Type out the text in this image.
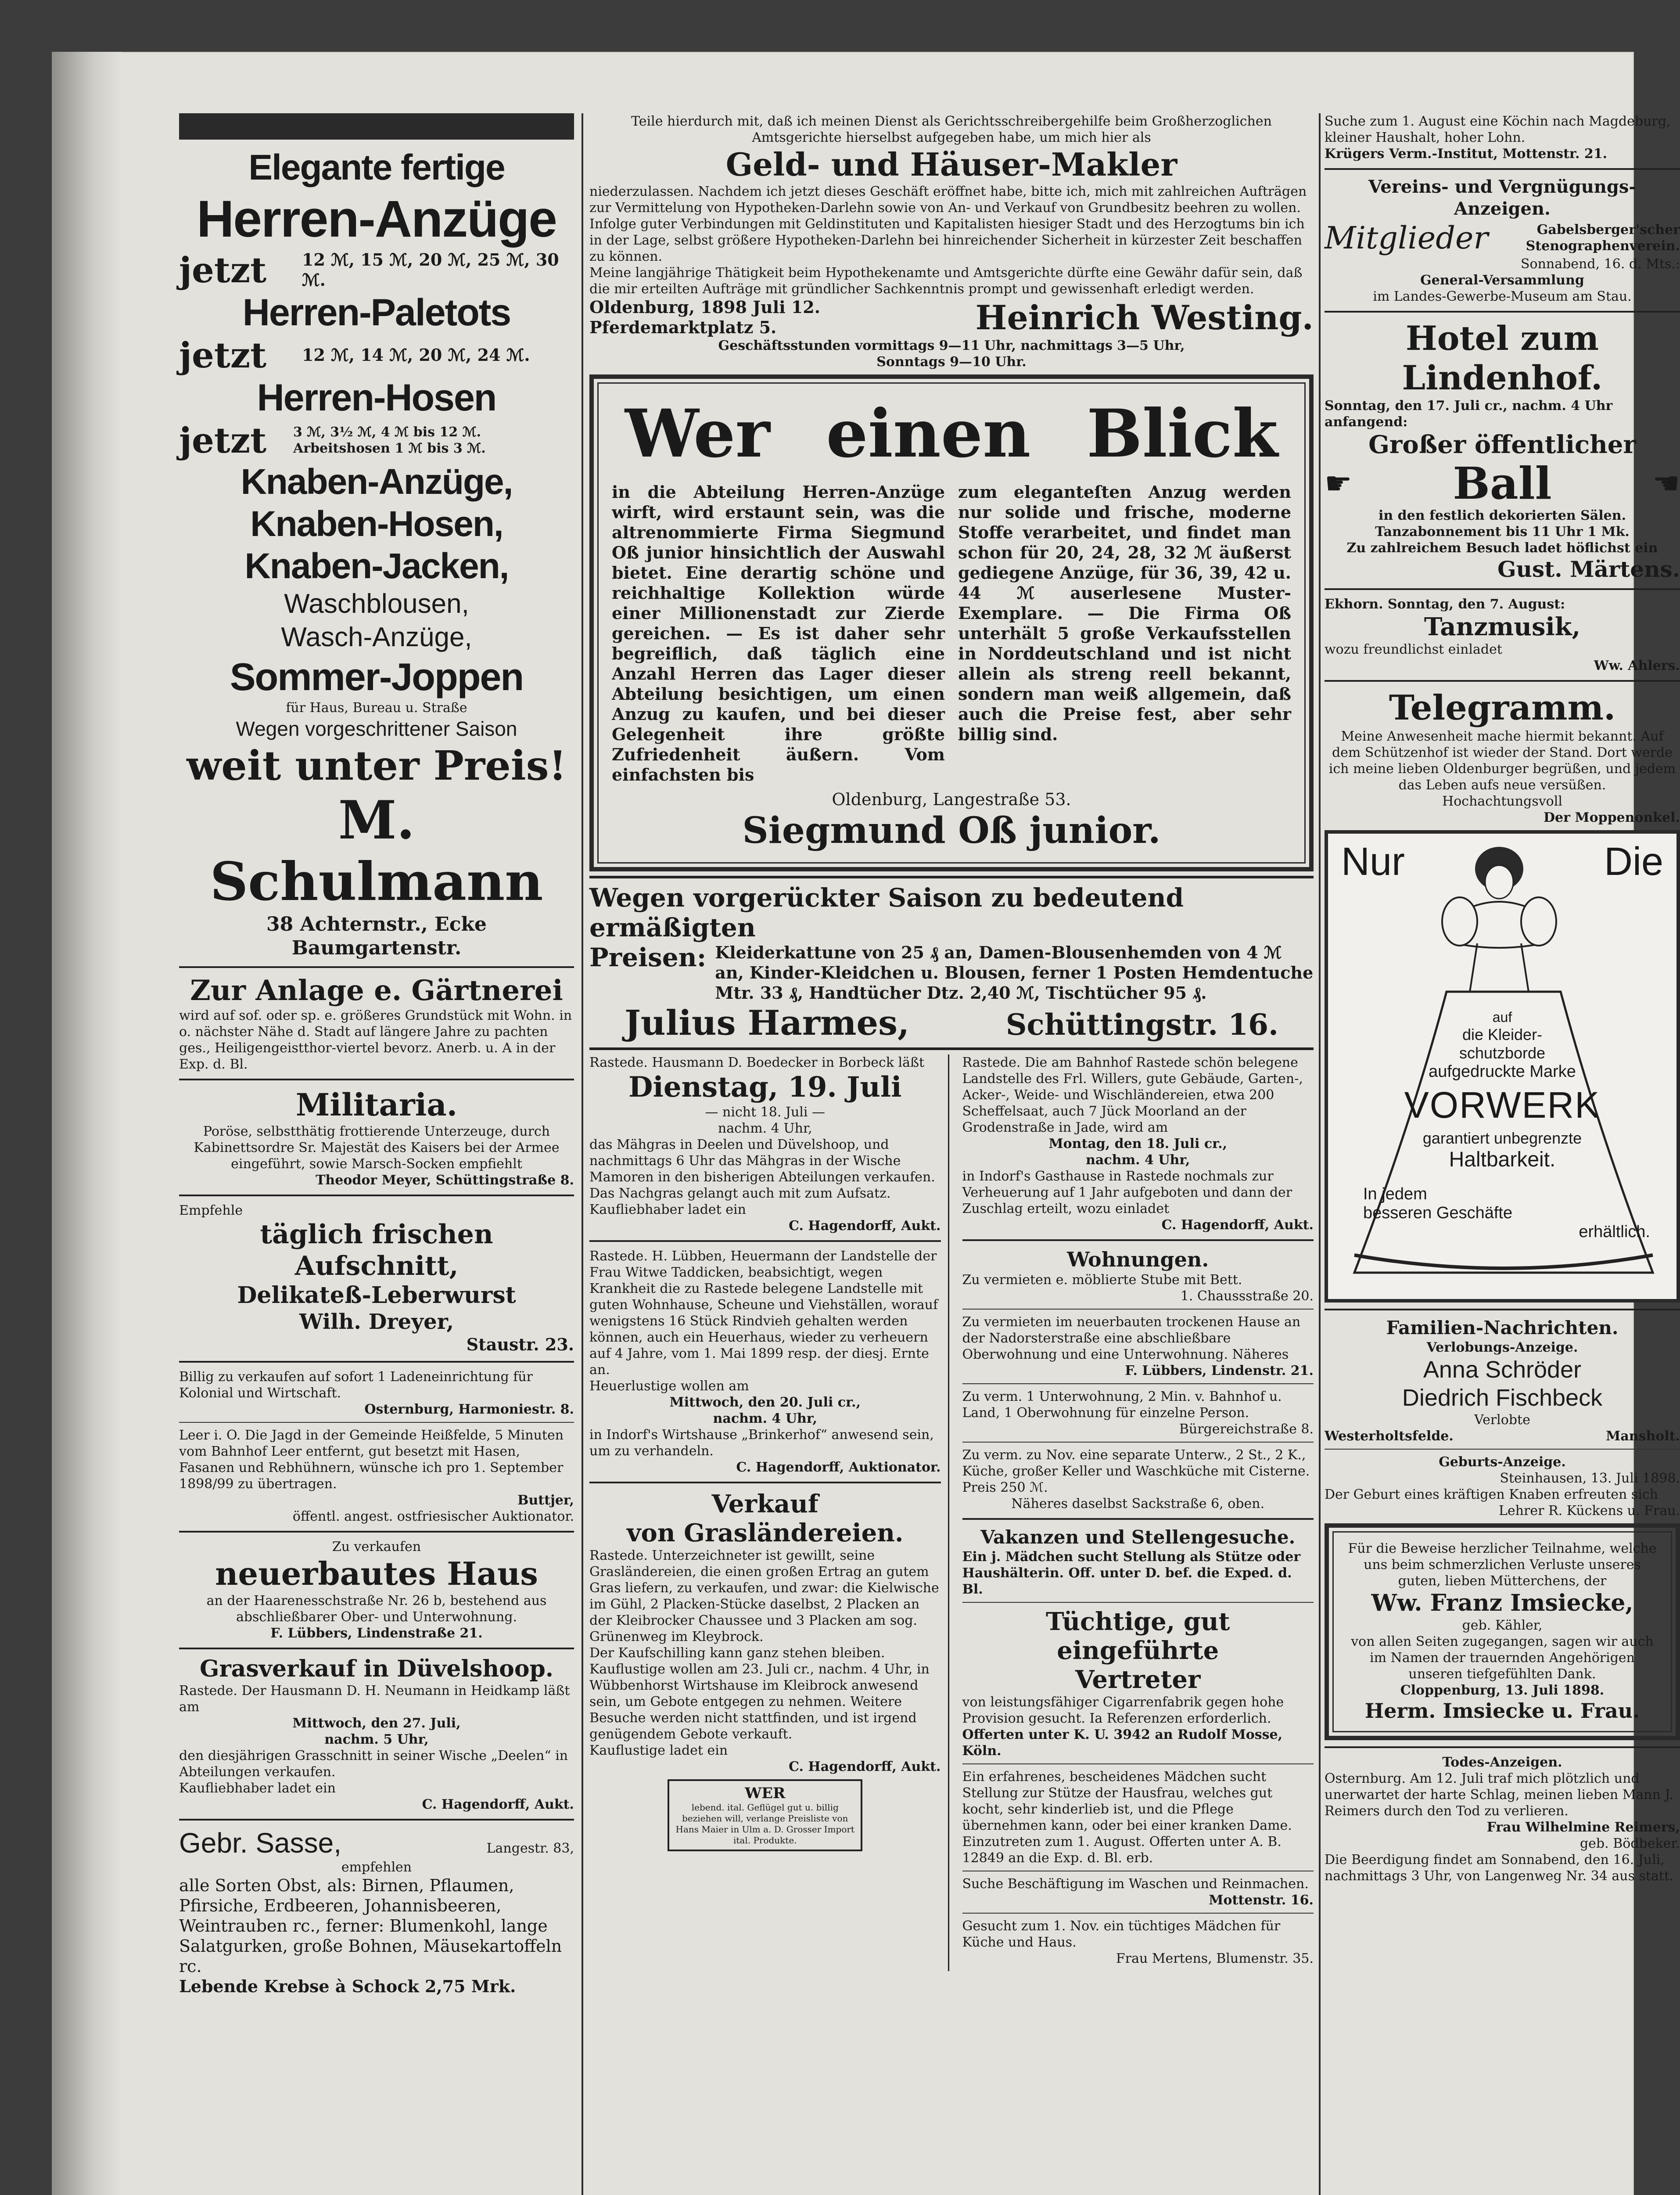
Elegante fertige
Herren-Anzüge
jetzt 12 ℳ, 15 ℳ, 20 ℳ, 25 ℳ, 30 ℳ.
Herren-Paletots
jetzt 12 ℳ, 14 ℳ, 20 ℳ, 24 ℳ.
Herren-Hosen
jetzt 3 ℳ, 3½ ℳ, 4 ℳ bis 12 ℳ. Arbeitshosen 1 ℳ bis 3 ℳ.
Knaben-Anzüge,
Knaben-Hosen,
Knaben-Jacken,
Waschblousen,
Wasch-Anzüge,
Sommer-Joppen
für Haus, Bureau u. Straße
Wegen vorgeschrittener Saison
weit unter Preis!
M. Schulmann
38 Achternstr., Ecke Baumgartenstr.
Zur Anlage e. Gärtnerei
wird auf sof. oder sp. e. größeres Grundstück mit Wohn. in o. nächster Nähe d. Stadt auf längere Jahre zu pachten ges., Heiligengeistthor-viertel bevorz. Anerb. u. A in der Exp. d. Bl.
Militaria.
Poröse, selbstthätig frottierende Unterzeuge, durch Kabinettsordre Sr. Majestät des Kaisers bei der Armee eingeführt, sowie Marsch-Socken empfiehlt
Theodor Meyer, Schüttingstraße 8.
Empfehle
täglich frischen Aufschnitt,
Delikateß-Leberwurst
Wilh. Dreyer,
Staustr. 23.
Billig zu verkaufen auf sofort 1 Ladeneinrichtung für Kolonial und Wirtschaft.
Osternburg, Harmoniestr. 8.
Leer i. O. Die Jagd in der Gemeinde Heißfelde, 5 Minuten vom Bahnhof Leer entfernt, gut besetzt mit Hasen, Fasanen und Rebhühnern, wünsche ich pro 1. September 1898/99 zu übertragen.
Buttjer,
öffentl. angest. ostfriesischer Auktionator.
Zu verkaufen
neuerbautes Haus
an der Haarenesschstraße Nr. 26 b, bestehend aus abschließbarer Ober- und Unterwohnung.
F. Lübbers, Lindenstraße 21.
Grasverkauf in Düvelshoop.
Rastede. Der Hausmann D. H. Neumann in Heidkamp läßt am
Mittwoch, den 27. Juli,
nachm. 5 Uhr,
den diesjährigen Grasschnitt in seiner Wische „Deelen“ in Abteilungen verkaufen.
Kaufliebhaber ladet ein
C. Hagendorff, Aukt.
Gebr. Sasse,	Langestr. 83,
empfehlen
alle Sorten Obst, als: Birnen, Pflaumen, Pfirsiche, Erdbeeren, Johannisbeeren, Weintrauben rc., ferner: Blumenkohl, lange Salatgurken, große Bohnen, Mäusekartoffeln rc.
Lebende Krebse à Schock 2,75 Mrk.
Teile hierdurch mit, daß ich meinen Dienst als Gerichtsschreibergehilfe beim Großherzoglichen Amtsgerichte hierselbst aufgegeben habe, um mich hier als
Geld- und Häuser-Makler
niederzulassen. Nachdem ich jetzt dieses Geschäft eröffnet habe, bitte ich, mich mit zahlreichen Aufträgen zur Vermittelung von Hypotheken-Darlehn sowie von An- und Verkauf von Grundbesitz beehren zu wollen.
Infolge guter Verbindungen mit Geldinstituten und Kapitalisten hiesiger Stadt und des Herzogtums bin ich in der Lage, selbst größere Hypotheken-Darlehn bei hinreichender Sicherheit in kürzester Zeit beschaffen zu können.
Meine langjährige Thätigkeit beim Hypothekenamte und Amtsgerichte dürfte eine Gewähr dafür sein, daß die mir erteilten Aufträge mit gründlicher Sachkenntnis prompt und gewissenhaft erledigt werden.
Oldenburg, 1898 Juli 12.
Pferdemarktplatz 5.	Heinrich Westing.
Geschäftsstunden vormittags 9—11 Uhr, nachmittags 3—5 Uhr,
Sonntags 9—10 Uhr.
Wer einen Blick
in die Abteilung Herren-Anzüge wirft, wird erstaunt sein, was die altrenommierte Firma Siegmund Oß junior hinsichtlich der Auswahl bietet. Eine derartig schöne und reichhaltige Kollektion würde einer Millionenstadt zur Zierde gereichen. — Es ist daher sehr begreiflich, daß täglich eine Anzahl Herren das Lager dieser Abteilung besichtigen, um einen Anzug zu kaufen, und bei dieser Gelegenheit ihre größte Zufriedenheit äußern. Vom einfachsten bis
zum eleganteſten Anzug werden nur solide und frische, moderne Stoffe verarbeitet, und findet man schon für 20, 24, 28, 32 ℳ äußerst gediegene Anzüge, für 36, 39, 42 u. 44 ℳ auserlesene Muster-Exemplare. — Die Firma Oß unterhält 5 große Verkaufsstellen in Norddeutschland und ist nicht allein als streng reell bekannt, sondern man weiß allgemein, daß auch die Preise fest, aber sehr billig sind.
Oldenburg, Langestraße 53.
Siegmund Oß junior.
Wegen vorgerückter Saison zu bedeutend ermäßigten
Preisen: Kleiderkattune von 25 ₰ an, Damen-Blousenhemden von 4 ℳ an, Kinder-Kleidchen u. Blousen, ferner 1 Posten Hemdentuche Mtr. 33 ₰, Handtücher Dtz. 2,40 ℳ, Tischtücher 95 ₰.
Julius Harmes,	Schüttingstr. 16.
Rastede. Hausmann D. Boedecker in Borbeck läßt
Dienstag, 19. Juli
— nicht 18. Juli —
nachm. 4 Uhr,
das Mähgras in Deelen und Düvelshoop, und nachmittags 6 Uhr das Mähgras in der Wische Mamoren in den bisherigen Abteilungen verkaufen.
Das Nachgras gelangt auch mit zum Aufsatz.
Kaufliebhaber ladet ein
C. Hagendorff, Aukt.
Rastede. H. Lübben, Heuermann der Landstelle der Frau Witwe Taddicken, beabsichtigt, wegen Krankheit die zu Rastede belegene Landstelle mit guten Wohnhause, Scheune und Viehställen, worauf wenigstens 16 Stück Rindvieh gehalten werden können, auch ein Heuerhaus, wieder zu verheuern auf 4 Jahre, vom 1. Mai 1899 resp. der diesj. Ernte an.
Heuerlustige wollen am
Mittwoch, den 20. Juli cr.,
nachm. 4 Uhr,
in Indorf's Wirtshause „Brinkerhof“ anwesend sein, um zu verhandeln.
C. Hagendorff, Auktionator.
Verkauf
von Grasländereien.
Rastede. Unterzeichneter ist gewillt, seine Grasländereien, die einen großen Ertrag an gutem Gras liefern, zu verkaufen, und zwar: die Kielwische im Gühl, 2 Placken-Stücke daselbst, 2 Placken an der Kleibrocker Chaussee und 3 Placken am sog. Grünenweg im Kleybrock.
Der Kaufschilling kann ganz stehen bleiben. Kauflustige wollen am 23. Juli cr., nachm. 4 Uhr, in Wübbenhorst Wirtshause im Kleibrock anwesend sein, um Gebote entgegen zu nehmen. Weitere Besuche werden nicht stattfinden, und ist irgend genügendem Gebote verkauft.
Kauflustige ladet ein
C. Hagendorff, Aukt.
WER
lebend. ital. Geflügel gut u. billig beziehen will, verlange Preisliste von Hans Maier in Ulm a. D. Grosser Import ital. Produkte.
Rastede. Die am Bahnhof Rastede schön belegene Landstelle des Frl. Willers, gute Gebäude, Garten-, Acker-, Weide- und Wischländereien, etwa 200 Scheffelsaat, auch 7 Jück Moorland an der Grodenstraße in Jade, wird am
Montag, den 18. Juli cr.,
nachm. 4 Uhr,
in Indorf's Gasthause in Rastede nochmals zur Verheuerung auf 1 Jahr aufgeboten und dann der Zuschlag erteilt, wozu einladet
C. Hagendorff, Aukt.
Wohnungen.
Zu vermieten e. möblierte Stube mit Bett.
1. Chaussstraße 20.
Zu vermieten im neuerbauten trockenen Hause an der Nadorsterstraße eine abschließbare Oberwohnung und eine Unterwohnung. Näheres
F. Lübbers, Lindenstr. 21.
Zu verm. 1 Unterwohnung, 2 Min. v. Bahnhof u. Land, 1 Oberwohnung für einzelne Person.
Bürgereichstraße 8.
Zu verm. zu Nov. eine separate Unterw., 2 St., 2 K., Küche, großer Keller und Waschküche mit Cisterne. Preis 250 ℳ.
Näheres daselbst Sackstraße 6, oben.
Vakanzen und Stellengesuche.
Ein j. Mädchen sucht Stellung als Stütze oder Haushälterin. Off. unter D. bef. die Exped. d. Bl.
Tüchtige, gut eingeführte
Vertreter
von leistungsfähiger Cigarrenfabrik gegen hohe Provision gesucht. Ia Referenzen erforderlich.
Offerten unter K. U. 3942 an Rudolf Mosse, Köln.
Ein erfahrenes, bescheidenes Mädchen sucht Stellung zur Stütze der Hausfrau, welches gut kocht, sehr kinderlieb ist, und die Pflege übernehmen kann, oder bei einer kranken Dame. Einzutreten zum 1. August. Offerten unter A. B. 12849 an die Exp. d. Bl. erb.
Suche Beschäftigung im Waschen und Reinmachen.
Mottenstr. 16.
Gesucht zum 1. Nov. ein tüchtiges Mädchen für Küche und Haus.
Frau Mertens, Blumenstr. 35.
Suche zum 1. August eine Köchin nach Magdeburg, kleiner Haushalt, hoher Lohn.
Krügers Verm.-Institut, Mottenstr. 21.
Vereins- und Vergnügungs-Anzeigen.
Mitglieder	Gabelsberger'scher Stenographenverein.
Sonnabend, 16. d. Mts.:
General-Versammlung
im Landes-Gewerbe-Museum am Stau.
Hotel zum Lindenhof.
Sonntag, den 17. Juli cr., nachm. 4 Uhr anfangend:
Großer öffentlicher
☛ Ball	☚
in den festlich dekorierten Sälen.
Tanzabonnement bis 11 Uhr 1 Mk.
Zu zahlreichem Besuch ladet höflichst ein
Gust. Märtens.
Ekhorn. Sonntag, den 7. August:
Tanzmusik,
wozu freundlichst einladet
Ww. Ahlers.
Telegramm.
Meine Anwesenheit mache hiermit bekannt. Auf dem Schützenhof ist wieder der Stand. Dort werde ich meine lieben Oldenburger begrüßen, und jedem das Leben aufs neue versüßen.
Hochachtungsvoll
Der Moppenonkel.
Nur	Die
auf
die Kleider-
schutzborde
aufgedruckte Marke
VORWERK
garantiert unbegrenzte
Haltbarkeit.
In jedem
besseren Geschäfte
erhältlich.
Familien-Nachrichten.
Verlobungs-Anzeige.
Anna Schröder
Diedrich Fischbeck
Verlobte
Westerholtsfelde.	Mansholt.
Geburts-Anzeige.
Steinhausen, 13. Juli 1898.
Der Geburt eines kräftigen Knaben erfreuten sich
Lehrer R. Kückens u. Frau.
Für die Beweise herzlicher Teilnahme, welche uns beim schmerzlichen Verluste unseres guten, lieben Mütterchens, der
Ww. Franz Imsiecke,
geb. Kähler,
von allen Seiten zugegangen, sagen wir auch im Namen der trauernden Angehörigen unseren tiefgefühlten Dank.
Cloppenburg, 13. Juli 1898.
Herm. Imsiecke u. Frau.
Todes-Anzeigen.
Osternburg. Am 12. Juli traf mich plötzlich und unerwartet der harte Schlag, meinen lieben Mann J. Reimers durch den Tod zu verlieren.
Frau Wilhelmine Reimers,
geb. Bödbeker.
Die Beerdigung findet am Sonnabend, den 16. Juli, nachmittags 3 Uhr, von Langenweg Nr. 34 aus statt.
